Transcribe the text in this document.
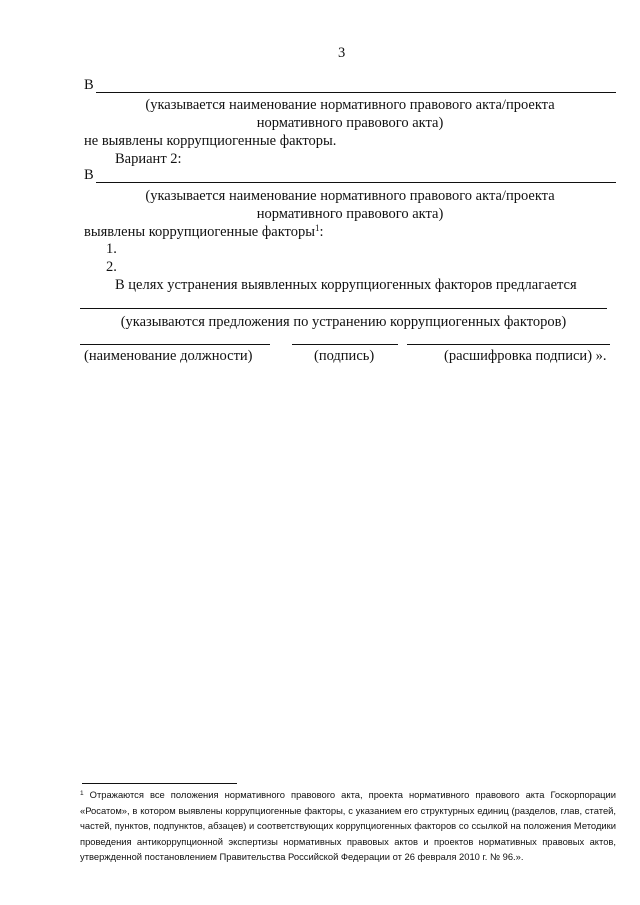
3
В
(указывается наименование нормативного правового акта/проекта
нормативного правового акта)
не выявлены коррупциогенные факторы.
Вариант 2:
В
(указывается наименование нормативного правового акта/проекта
нормативного правового акта)
выявлены коррупциогенные факторы$^1$:
1.
2.
В целях устранения выявленных коррупциогенных факторов предлагается
(указываются предложения по устранению коррупциогенных факторов)
(наименование должности)	(подпись)	(расшифровка подписи) ».
$^1$ Отражаются все положения нормативного правового акта, проекта нормативного правового акта Госкорпорации «Росатом», в котором выявлены коррупциогенные факторы, с указанием его структурных единиц (разделов, глав, статей, частей, пунктов, подпунктов, абзацев) и соответствующих коррупциогенных факторов со ссылкой на положения Методики проведения антикоррупционной экспертизы нормативных правовых актов и проектов нормативных правовых актов, утвержденной постановлением Правительства Российской Федерации от 26 февраля 2010 г. № 96.».
